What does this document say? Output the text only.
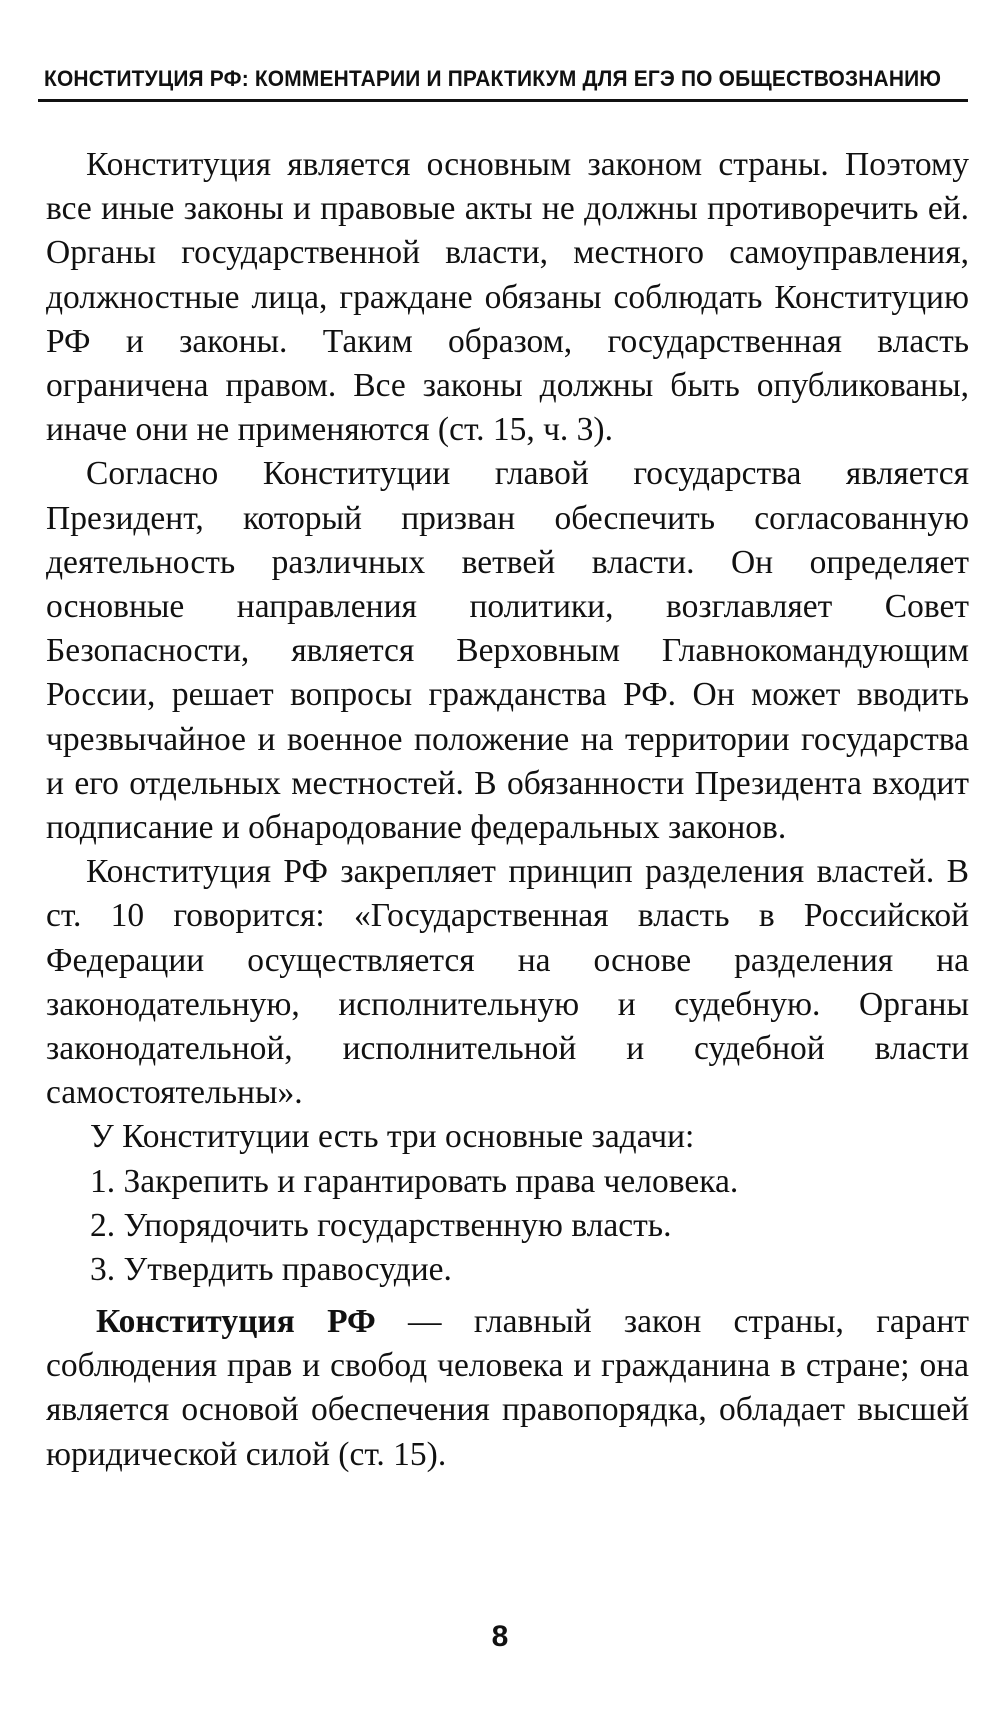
КОНСТИТУЦИЯ РФ: КОММЕНТАРИИ И ПРАКТИКУМ ДЛЯ ЕГЭ ПО ОБЩЕСТВОЗНАНИЮ

Конституция является основным законом страны. Поэтому все иные законы и правовые акты не должны противоречить ей. Органы государственной власти, местного самоуправления, должностные лица, граждане обязаны соблюдать Конституцию РФ и законы. Таким образом, государственная власть ограничена правом. Все законы должны быть опубликованы, иначе они не применяются (ст. 15, ч. 3).

Согласно Конституции главой государства является Президент, который призван обеспечить согласованную деятельность различных ветвей власти. Он определяет основные направления политики, возглавляет Совет Безопасности, является Верховным Главнокомандующим России, решает вопросы гражданства РФ. Он может вводить чрезвычайное и военное положение на территории государства и его отдельных местностей. В обязанности Президента входит подписание и обнародование федеральных законов.

Конституция РФ закрепляет принцип разделения властей. В ст. 10 говорится: «Государственная власть в Российской Федерации осуществляется на основе разделения на законодательную, исполнительную и судебную. Органы законодательной, исполнительной и судебной власти самостоятельны».

У Конституции есть три основные задачи:

1. Закрепить и гарантировать права человека.
2. Упорядочить государственную власть.
3. Утвердить правосудие.

Конституция РФ — главный закон страны, гарант соблюдения прав и свобод человека и гражданина в стране; она является основой обеспечения правопорядка, обладает высшей юридической силой (ст. 15).

8
